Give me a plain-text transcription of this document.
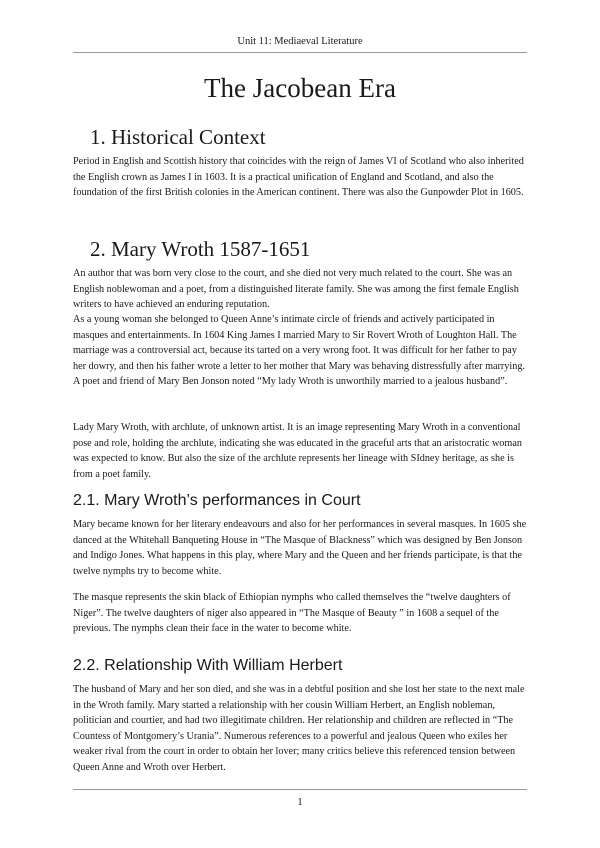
Unit 11: Mediaeval Literature
The Jacobean Era
1. Historical Context

Period in English and Scottish history that coincides with the reign of James VI of Scotland who also inherited the English crown as James I in 1603. It is a practical unification of England and Scotland, and also the foundation of the first British colonies in the American continent. There was also the Gunpowder Plot in 1605.

2. Mary Wroth 1587-1651

An author that was born very close to the court, and she died not very much related to the court. She was an English noblewoman and a poet, from a distinguished literate family. She was among the first female English writers to have achieved an enduring reputation.

As a young woman she belonged to Queen Anne’s intimate circle of friends and actively participated in masques and entertainments. In 1604 King James I married Mary to Sir Rovert Wroth of Loughton Hall. The marriage was a controversial act, because its tarted on a very wrong foot. It was difficult for her father to pay her dowry, and then his father wrote a letter to her mother that Mary was behaving distressfully after marrying. A poet and friend of Mary Ben Jonson noted “My lady Wroth is unworthily married to a jealous husband”.

Lady Mary Wroth, with archlute, of unknown artist. It is an image representing Mary Wroth in a conventional pose and role, holding the archlute, indicating she was educated in the graceful arts that an aristocratic woman was expected to know. But also the size of the archlute represents her lineage with SIdney heritage, as she is from a poet family.

2.1. Mary Wroth’s performances in Court

Mary became known for her literary endeavours and also for her performances in several masques. In 1605 she danced at the Whitehall Banqueting House in “The Masque of Blackness” which was designed by Ben Jonson and Indigo Jones. What happens in this play, where Mary and the Queen and her friends participate, is that the twelve nymphs try to become white.

The masque represents the skin black of Ethiopian nymphs who called themselves the “twelve daughters of Niger”. The twelve daughters of niger also appeared in “The Masque of Beauty ” in 1608 a sequel of the previous. The nymphs clean their face in the water to become white.

2.2. Relationship With William Herbert

The husband of Mary and her son died, and she was in a debtful position and she lost her state to the next male in the Wroth family. Mary started a relationship with her cousin William Herbert, an English nobleman, politician and courtier, and had two illegitimate children. Her relationship and children are reflected in “The Countess of Montgomery’s Urania”. Numerous references to a powerful and jealous Queen who exiles her weaker rival from the court in order to obtain her lover; many critics believe this referenced tension between Queen Anne and Wroth over Herbert.

1
